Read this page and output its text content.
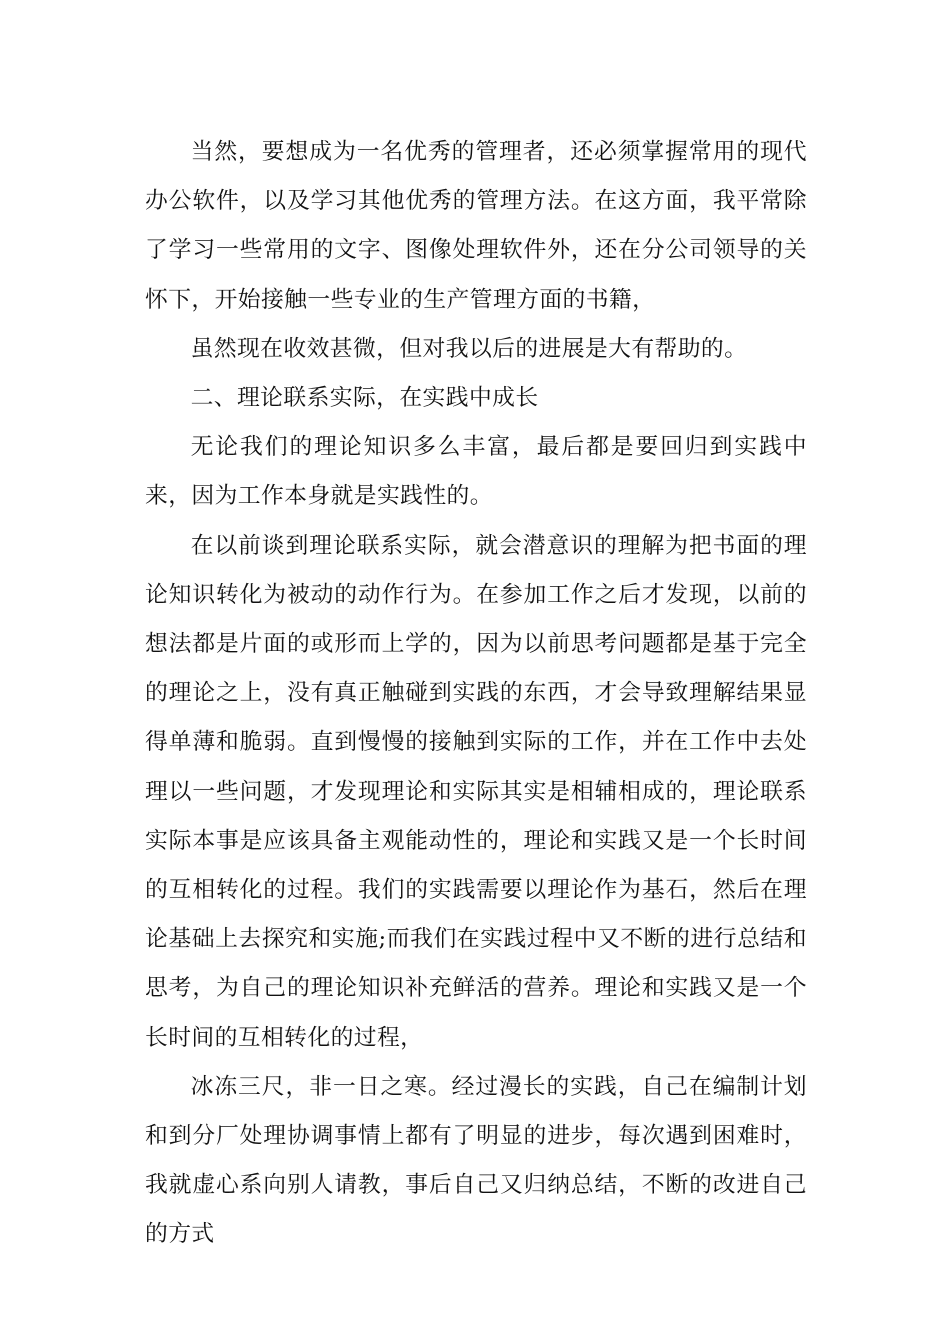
当然，要想成为一名优秀的管理者，还必须掌握常用的现代办公软件，以及学习其他优秀的管理方法。在这方面，我平常除了学习一些常用的文字、图像处理软件外，还在分公司领导的关怀下，开始接触一些专业的生产管理方面的书籍，

虽然现在收效甚微，但对我以后的进展是大有帮助的。

二、理论联系实际，在实践中成长

无论我们的理论知识多么丰富，最后都是要回归到实践中来，因为工作本身就是实践性的。

在以前谈到理论联系实际，就会潜意识的理解为把书面的理论知识转化为被动的动作行为。在参加工作之后才发现，以前的想法都是片面的或形而上学的，因为以前思考问题都是基于完全的理论之上，没有真正触碰到实践的东西，才会导致理解结果显得单薄和脆弱。直到慢慢的接触到实际的工作，并在工作中去处理以一些问题，才发现理论和实际其实是相辅相成的，理论联系实际本事是应该具备主观能动性的，理论和实践又是一个长时间的互相转化的过程。我们的实践需要以理论作为基石，然后在理论基础上去探究和实施;而我们在实践过程中又不断的进行总结和思考，为自己的理论知识补充鲜活的营养。理论和实践又是一个长时间的互相转化的过程，

冰冻三尺，非一日之寒。经过漫长的实践，自己在编制计划和到分厂处理协调事情上都有了明显的进步，每次遇到困难时，我就虚心系向别人请教，事后自己又归纳总结，不断的改进自己的方式
